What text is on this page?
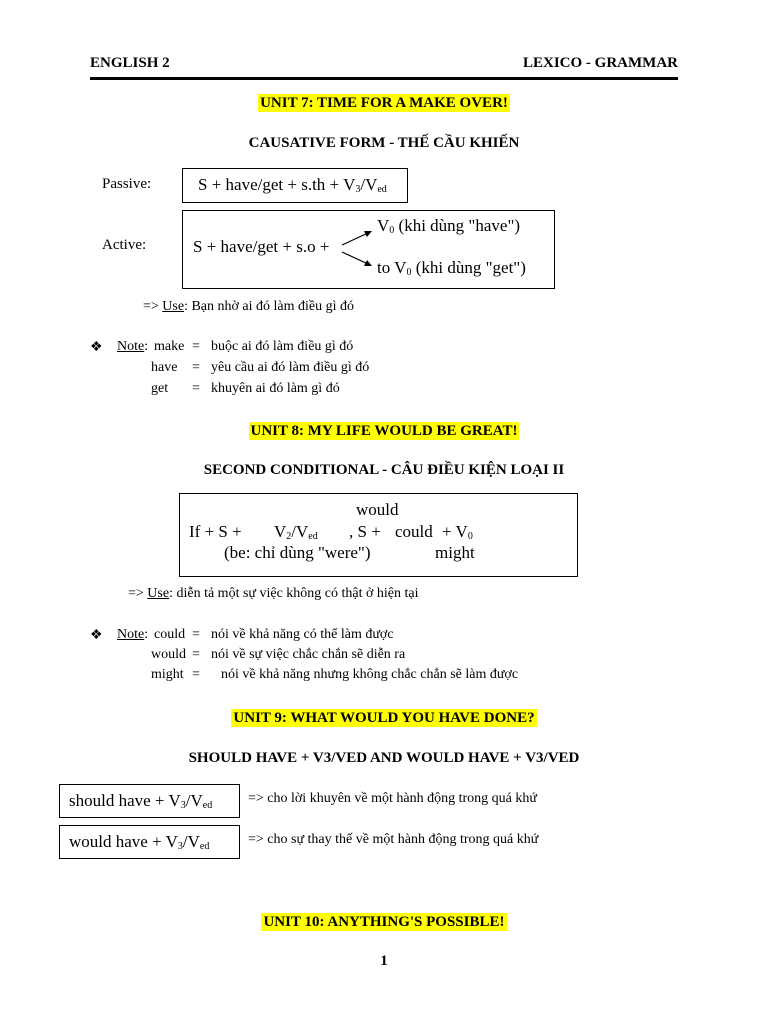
ENGLISH 2	LEXICO - GRAMMAR
UNIT 7: TIME FOR A MAKE OVER!
CAUSATIVE FORM - THẾ CẦU KHIẾN
Passive:	S + have/get + $s.th + V_3/V_{ed}$
Active:	S + have/get + s.o +
$V_0$ (khi dùng "have")
to $V_0$ (khi dùng "get")
=> Use: Bạn nhờ ai đó làm điều gì đó
❖ Note: make = buộc ai đó làm điều gì đó
have = yêu cầu ai đó làm điều gì đó
get = khuyên ai đó làm gì đó
UNIT 8: MY LIFE WOULD BE GREAT!
SECOND CONDITIONAL - CÂU ĐIỀU KIỆN LOẠI II
would
$If + S + V_2/V_{ed}$ , S + could + $V_0$
(be: chỉ dùng "were")	might
=> Use: diễn tả một sự việc không có thật ở hiện tại
❖ Note: could = nói về khả năng có thể làm được
would = nói về sự việc chắc chắn sẽ diễn ra
might = nói về khả năng nhưng không chắc chắn sẽ làm được
UNIT 9: WHAT WOULD YOU HAVE DONE?
SHOULD HAVE + V3/VED AND WOULD HAVE + V3/VED
should have + $V_3/V_{ed}$	=> cho lời khuyên về một hành động trong quá khứ
would have + $V_3/V_{ed}$	=> cho sự thay thế về một hành động trong quá khứ
UNIT 10: ANYTHING'S POSSIBLE!
1
